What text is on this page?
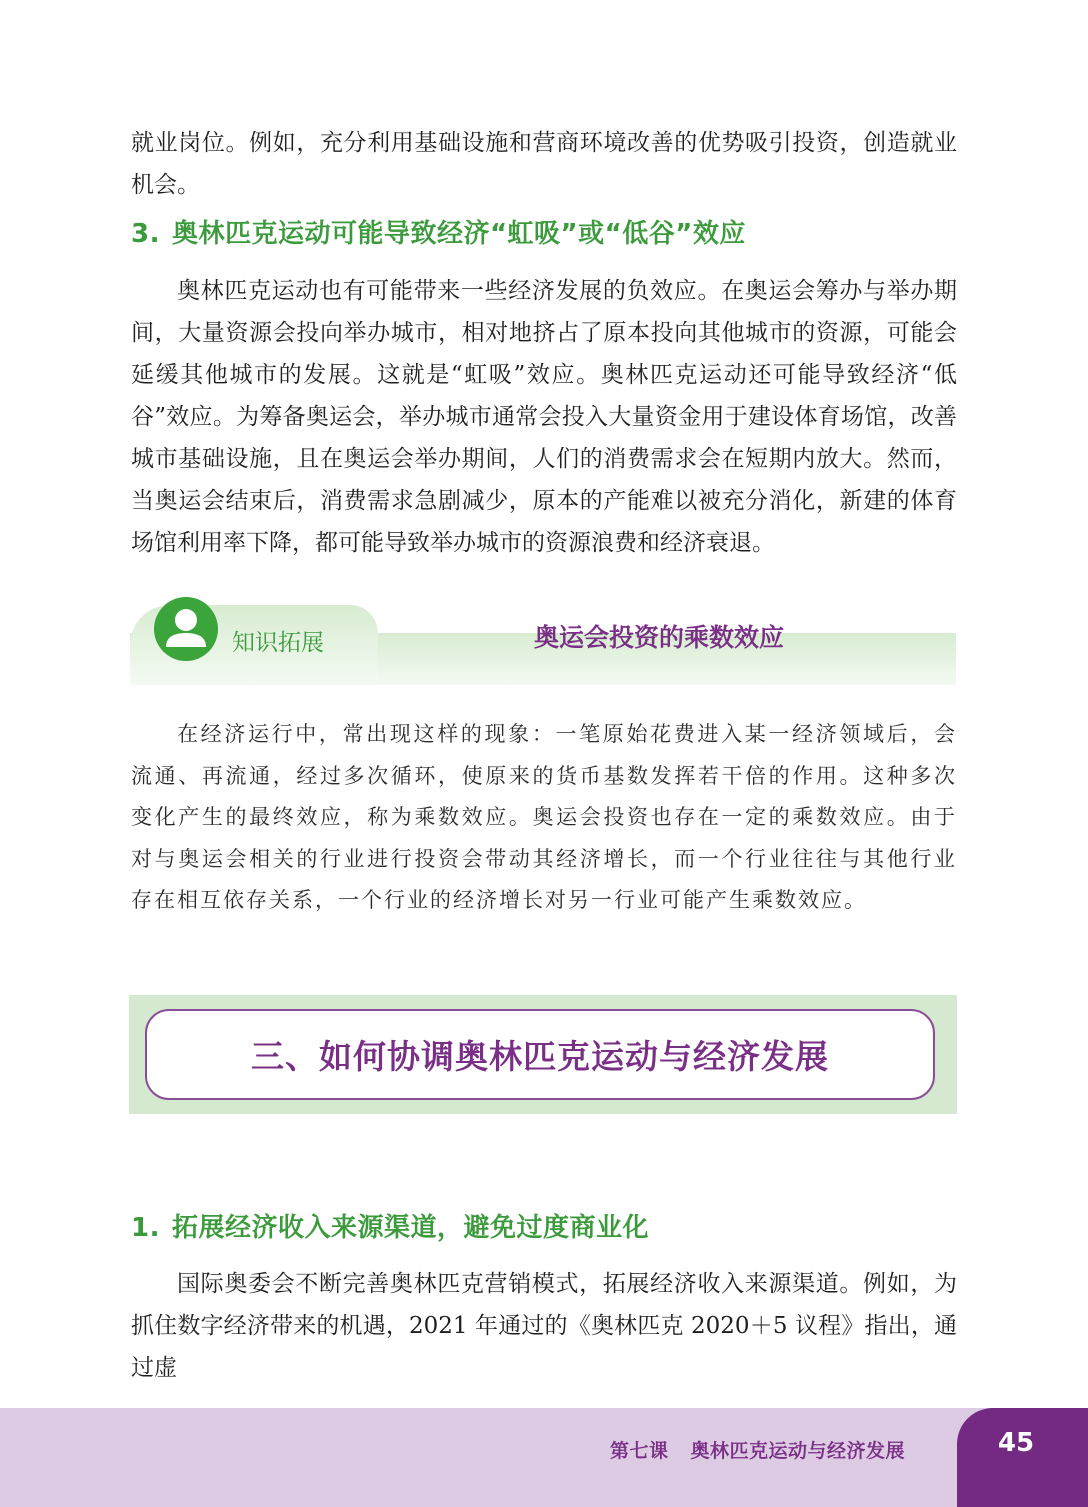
就业岗位。例如，充分利用基础设施和营商环境改善的优势吸引投资，创造就业机会。

3. 奥林匹克运动可能导致经济“虹吸”或“低谷”效应

奥林匹克运动也有可能带来一些经济发展的负效应。在奥运会筹办与举办期间，大量资源会投向举办城市，相对地挤占了原本投向其他城市的资源，可能会延缓其他城市的发展。这就是“虹吸”效应。奥林匹克运动还可能导致经济“低谷”效应。为筹备奥运会，举办城市通常会投入大量资金用于建设体育场馆，改善城市基础设施，且在奥运会举办期间，人们的消费需求会在短期内放大。然而，当奥运会结束后，消费需求急剧减少，原本的产能难以被充分消化，新建的体育场馆利用率下降，都可能导致举办城市的资源浪费和经济衰退。

知识拓展	奥运会投资的乘数效应

在经济运行中，常出现这样的现象：一笔原始花费进入某一经济领域后，会流通、再流通，经过多次循环，使原来的货币基数发挥若干倍的作用。这种多次变化产生的最终效应，称为乘数效应。奥运会投资也存在一定的乘数效应。由于对与奥运会相关的行业进行投资会带动其经济增长，而一个行业往往与其他行业存在相互依存关系，一个行业的经济增长对另一行业可能产生乘数效应。

三、如何协调奥林匹克运动与经济发展
1. 拓展经济收入来源渠道，避免过度商业化

国际奥委会不断完善奥林匹克营销模式，拓展经济收入来源渠道。例如，为抓住数字经济带来的机遇，2021 年通过的《奥林匹克 2020＋5 议程》指出，通过虚

第七课 奥林匹克运动与经济发展	45
